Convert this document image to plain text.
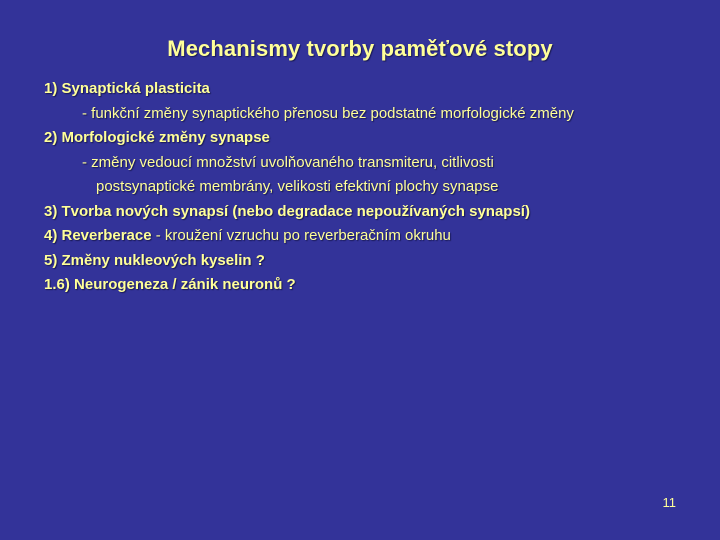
Mechanismy tvorby paměťové stopy
1) Synaptická plasticita
- funkční změny synaptického přenosu bez podstatné morfologické změny
2) Morfologické změny synapse
- změny vedoucí množství uvolňovaného transmiteru, citlivosti
postsynaptické membrány, velikosti efektivní plochy synapse
3) Tvorba nových synapsí (nebo degradace nepoužívaných synapsí)
4) Reverberace - kroužení vzruchu po reverberačním okruhu
5) Změny nukleových kyselin ?
1.6) Neurogeneza / zánik neuronů ?
11
